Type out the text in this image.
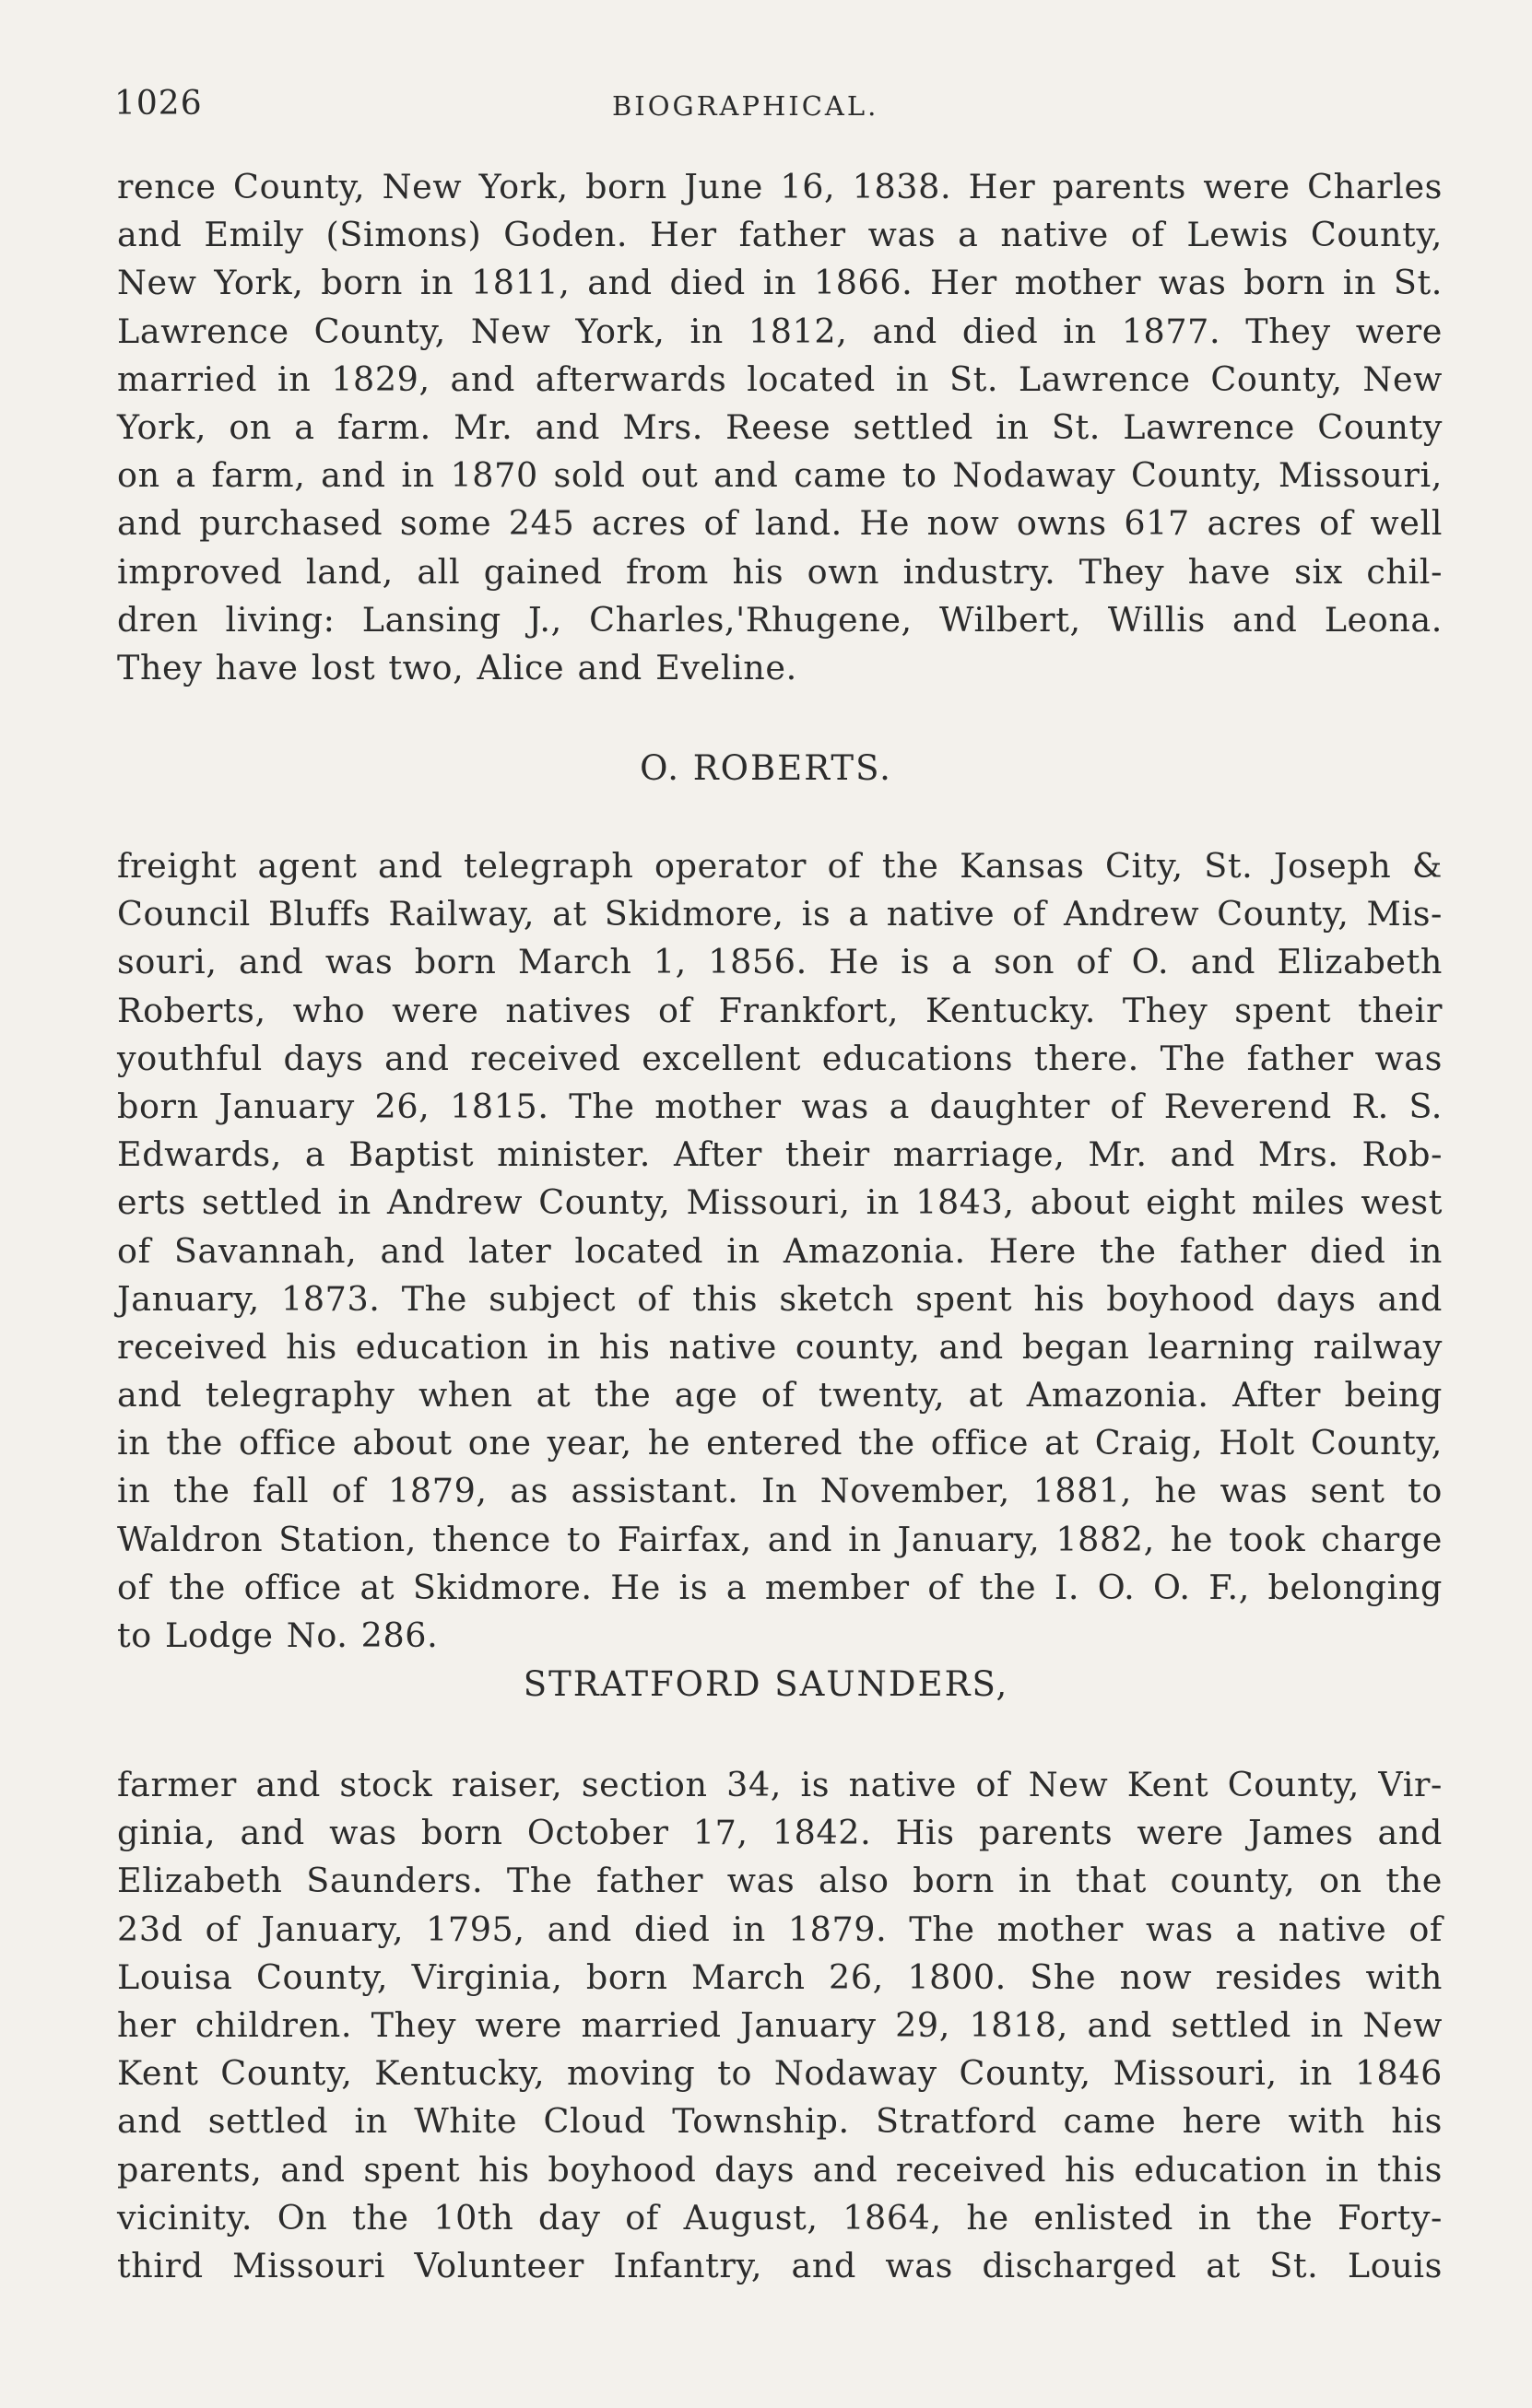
1026	BIOGRAPHICAL.
rence County, New York, born June 16, 1838. Her parents were Charles
and Emily (Simons) Goden. Her father was a native of Lewis County,
New York, born in 1811, and died in 1866. Her mother was born in St.
Lawrence County, New York, in 1812, and died in 1877. They were
married in 1829, and afterwards located in St. Lawrence County, New
York, on a farm. Mr. and Mrs. Reese settled in St. Lawrence County
on a farm, and in 1870 sold out and came to Nodaway County, Missouri,
and purchased some 245 acres of land. He now owns 617 acres of well
improved land, all gained from his own industry. They have six chil-
dren living: Lansing J., Charles,'Rhugene, Wilbert, Willis and Leona.
They have lost two, Alice and Eveline.
O. ROBERTS.
freight agent and telegraph operator of the Kansas City, St. Joseph &
Council Bluffs Railway, at Skidmore, is a native of Andrew County, Mis-
souri, and was born March 1, 1856. He is a son of O. and Elizabeth
Roberts, who were natives of Frankfort, Kentucky. They spent their
youthful days and received excellent educations there. The father was
born January 26, 1815. The mother was a daughter of Reverend R. S.
Edwards, a Baptist minister. After their marriage, Mr. and Mrs. Rob-
erts settled in Andrew County, Missouri, in 1843, about eight miles west
of Savannah, and later located in Amazonia. Here the father died in
January, 1873. The subject of this sketch spent his boyhood days and
received his education in his native county, and began learning railway
and telegraphy when at the age of twenty, at Amazonia. After being
in the office about one year, he entered the office at Craig, Holt County,
in the fall of 1879, as assistant. In November, 1881, he was sent to
Waldron Station, thence to Fairfax, and in January, 1882, he took charge
of the office at Skidmore. He is a member of the I. O. O. F., belonging
to Lodge No. 286.
STRATFORD SAUNDERS,
farmer and stock raiser, section 34, is native of New Kent County, Vir-
ginia, and was born October 17, 1842. His parents were James and
Elizabeth Saunders. The father was also born in that county, on the
23d of January, 1795, and died in 1879. The mother was a native of
Louisa County, Virginia, born March 26, 1800. She now resides with
her children. They were married January 29, 1818, and settled in New
Kent County, Kentucky, moving to Nodaway County, Missouri, in 1846
and settled in White Cloud Township. Stratford came here with his
parents, and spent his boyhood days and received his education in this
vicinity. On the 10th day of August, 1864, he enlisted in the Forty-
third Missouri Volunteer Infantry, and was discharged at St. Louis
